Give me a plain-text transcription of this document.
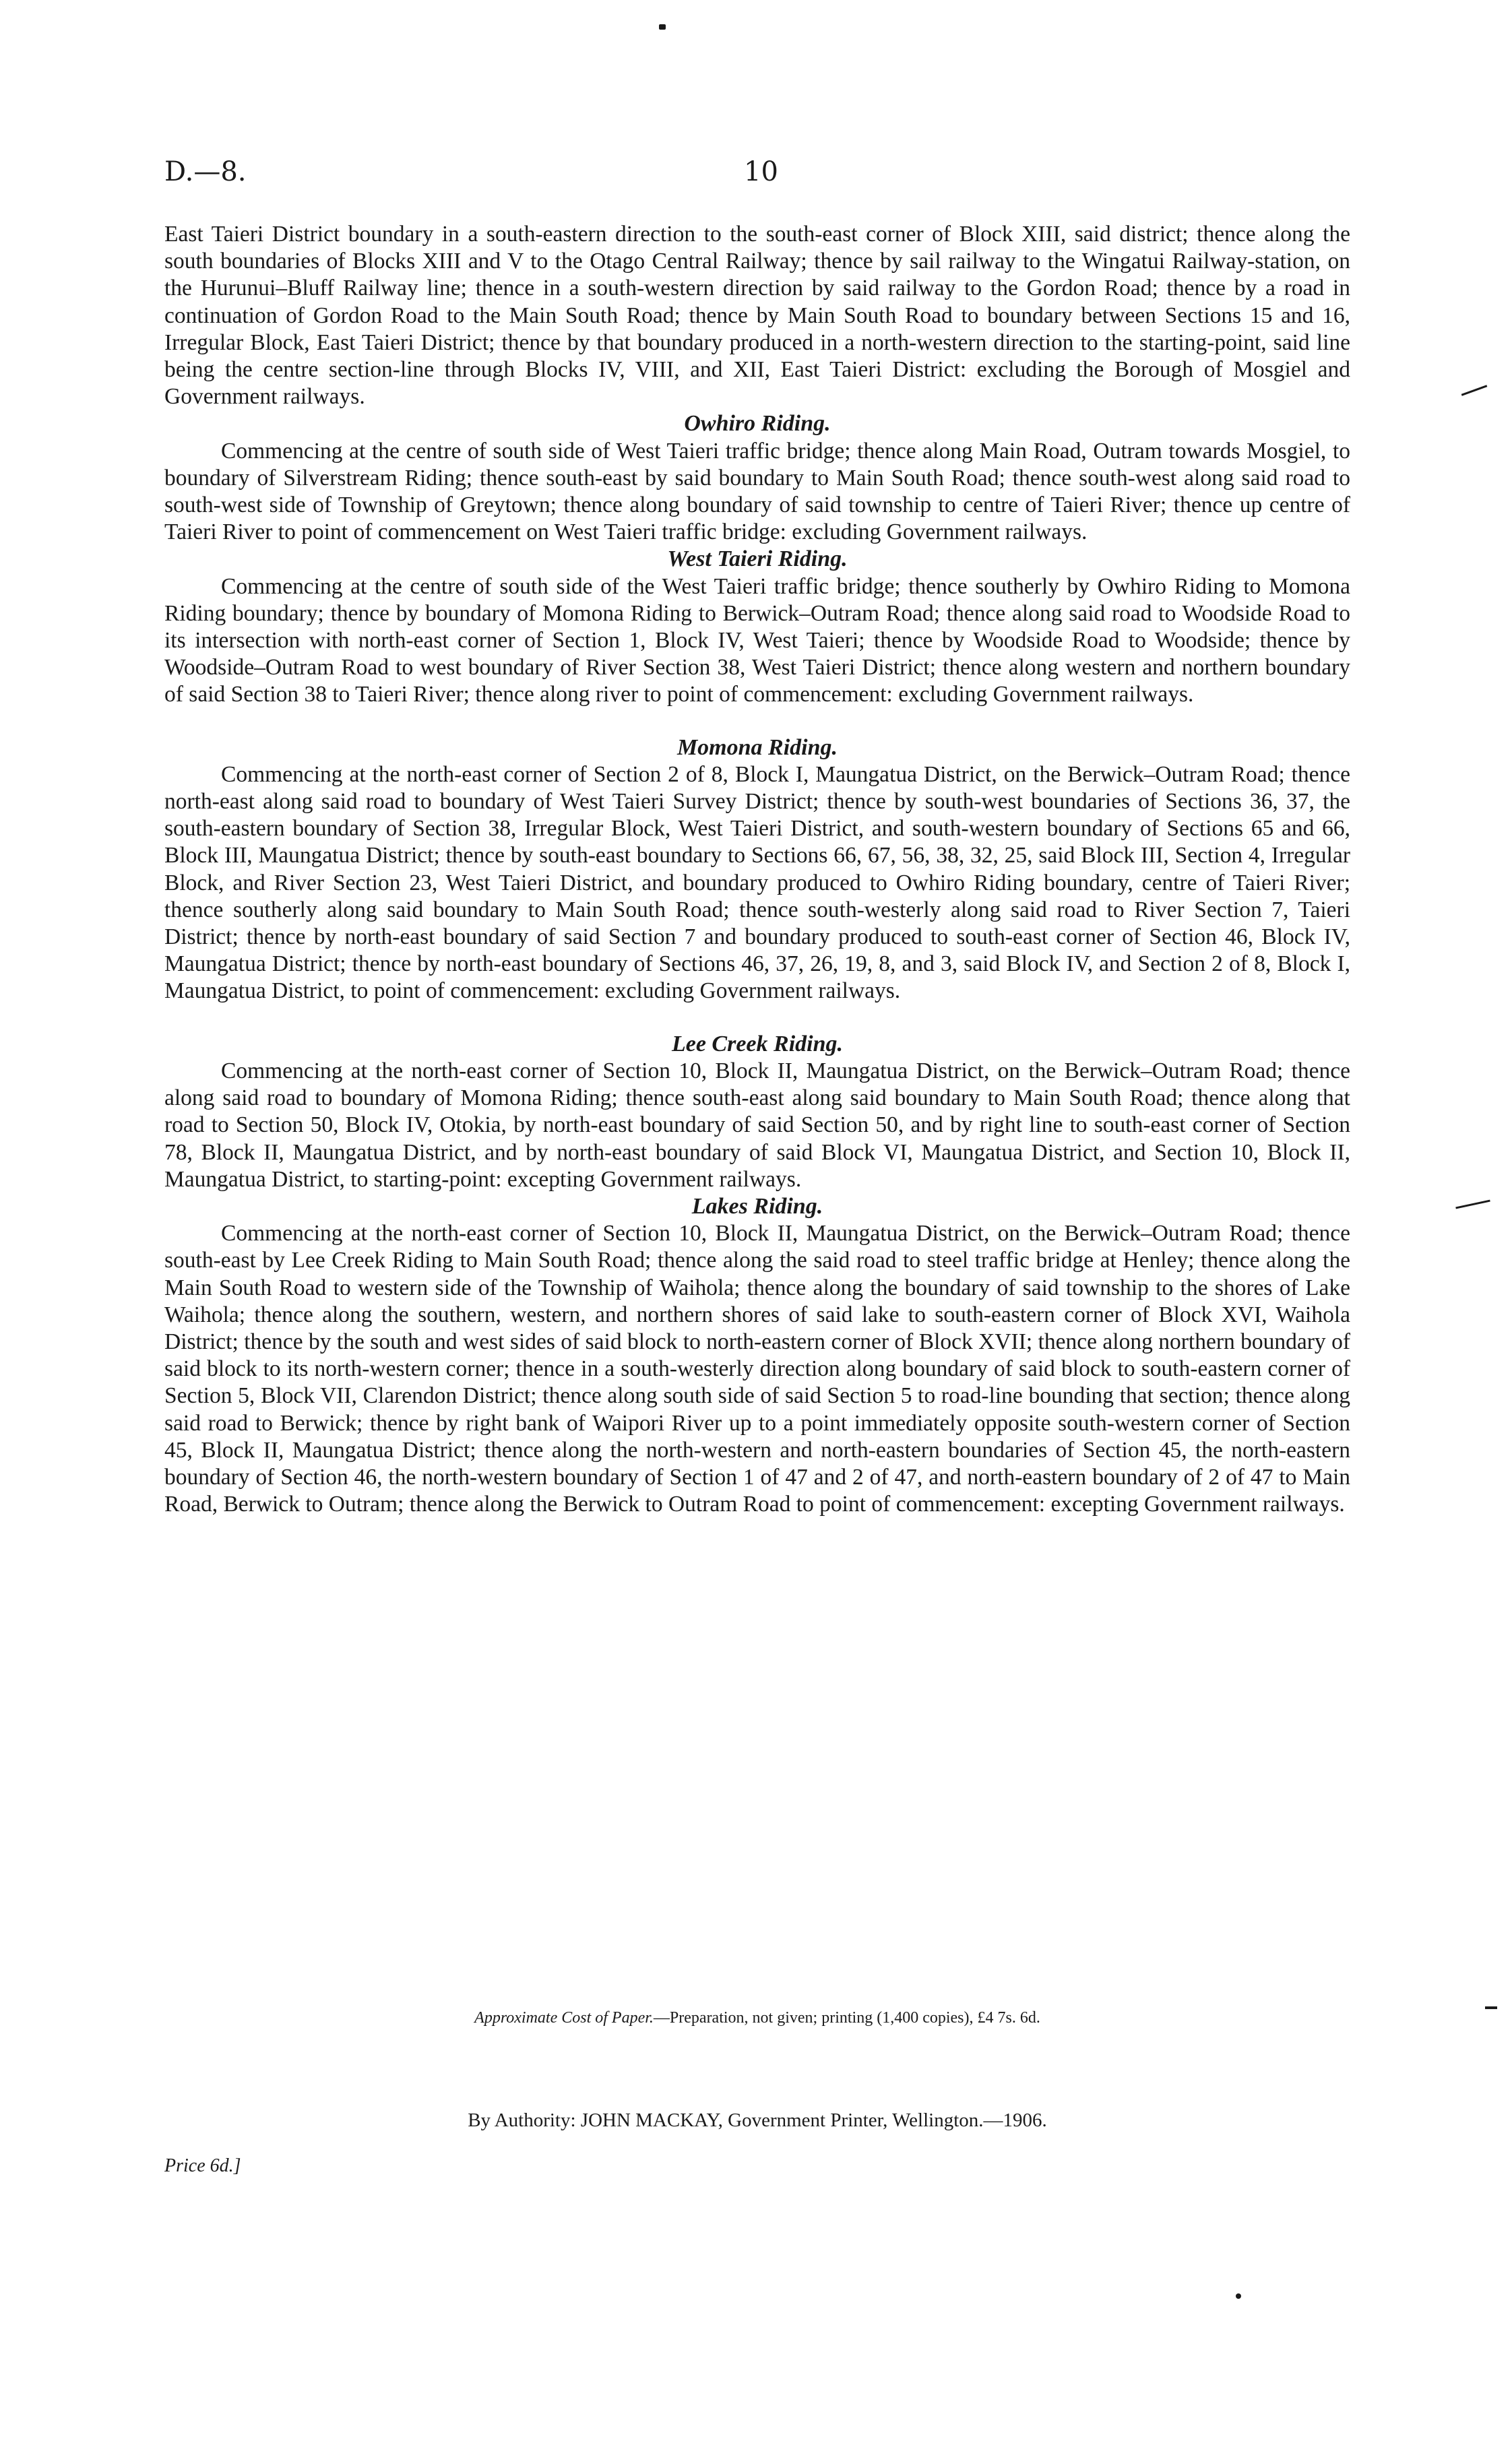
D.—8.	10

East Taieri District boundary in a south-eastern direction to the south-east corner of Block XIII, said district; thence along the south boundaries of Blocks XIII and V to the Otago Central Railway; thence by sail railway to the Wingatui Railway-station, on the Hurunui–Bluff Railway line; thence in a south-western direction by said railway to the Gordon Road; thence by a road in continuation of Gordon Road to the Main South Road; thence by Main South Road to boundary between Sections 15 and 16, Irregular Block, East Taieri District; thence by that boundary produced in a north-western direction to the starting-point, said line being the centre section-line through Blocks IV, VIII, and XII, East Taieri District: excluding the Borough of Mosgiel and Government railways.

Owhiro Riding.

Commencing at the centre of south side of West Taieri traffic bridge; thence along Main Road, Outram towards Mosgiel, to boundary of Silverstream Riding; thence south-east by said boundary to Main South Road; thence south-west along said road to south-west side of Township of Greytown; thence along boundary of said township to centre of Taieri River; thence up centre of Taieri River to point of commencement on West Taieri traffic bridge: excluding Government railways.

West Taieri Riding.

Commencing at the centre of south side of the West Taieri traffic bridge; thence southerly by Owhiro Riding to Momona Riding boundary; thence by boundary of Momona Riding to Berwick–Outram Road; thence along said road to Woodside Road to its intersection with north-east corner of Section 1, Block IV, West Taieri; thence by Woodside Road to Woodside; thence by Woodside–Outram Road to west boundary of River Section 38, West Taieri District; thence along western and northern boundary of said Section 38 to Taieri River; thence along river to point of commencement: excluding Government railways.

Momona Riding.

Commencing at the north-east corner of Section 2 of 8, Block I, Maungatua District, on the Berwick–Outram Road; thence north-east along said road to boundary of West Taieri Survey District; thence by south-west boundaries of Sections 36, 37, the south-eastern boundary of Section 38, Irregular Block, West Taieri District, and south-western boundary of Sections 65 and 66, Block III, Maungatua District; thence by south-east boundary to Sections 66, 67, 56, 38, 32, 25, said Block III, Section 4, Irregular Block, and River Section 23, West Taieri District, and boundary produced to Owhiro Riding boundary, centre of Taieri River; thence southerly along said boundary to Main South Road; thence south-westerly along said road to River Section 7, Taieri District; thence by north-east boundary of said Section 7 and boundary produced to south-east corner of Section 46, Block IV, Maungatua District; thence by north-east boundary of Sections 46, 37, 26, 19, 8, and 3, said Block IV, and Section 2 of 8, Block I, Maungatua District, to point of commencement: excluding Government railways.

Lee Creek Riding.

Commencing at the north-east corner of Section 10, Block II, Maungatua District, on the Berwick–Outram Road; thence along said road to boundary of Momona Riding; thence south-east along said boundary to Main South Road; thence along that road to Section 50, Block IV, Otokia, by north-east boundary of said Section 50, and by right line to south-east corner of Section 78, Block II, Maungatua District, and by north-east boundary of said Block VI, Maungatua District, and Section 10, Block II, Maungatua District, to starting-point: excepting Government railways.

Lakes Riding.

Commencing at the north-east corner of Section 10, Block II, Maungatua District, on the Berwick–Outram Road; thence south-east by Lee Creek Riding to Main South Road; thence along the said road to steel traffic bridge at Henley; thence along the Main South Road to western side of the Township of Waihola; thence along the boundary of said township to the shores of Lake Waihola; thence along the southern, western, and northern shores of said lake to south-eastern corner of Block XVI, Waihola District; thence by the south and west sides of said block to north-eastern corner of Block XVII; thence along northern boundary of said block to its north-western corner; thence in a south-westerly direction along boundary of said block to south-eastern corner of Section 5, Block VII, Clarendon District; thence along south side of said Section 5 to road-line bounding that section; thence along said road to Berwick; thence by right bank of Waipori River up to a point immediately opposite south-western corner of Section 45, Block II, Maungatua District; thence along the north-western and north-eastern boundaries of Section 45, the north-eastern boundary of Section 46, the north-western boundary of Section 1 of 47 and 2 of 47, and north-eastern boundary of 2 of 47 to Main Road, Berwick to Outram; thence along the Berwick to Outram Road to point of commencement: excepting Government railways.

Approximate Cost of Paper.—Preparation, not given; printing (1,400 copies), £4 7s. 6d.
By Authority: JOHN MACKAY, Government Printer, Wellington.—1906.
Price 6d.]
